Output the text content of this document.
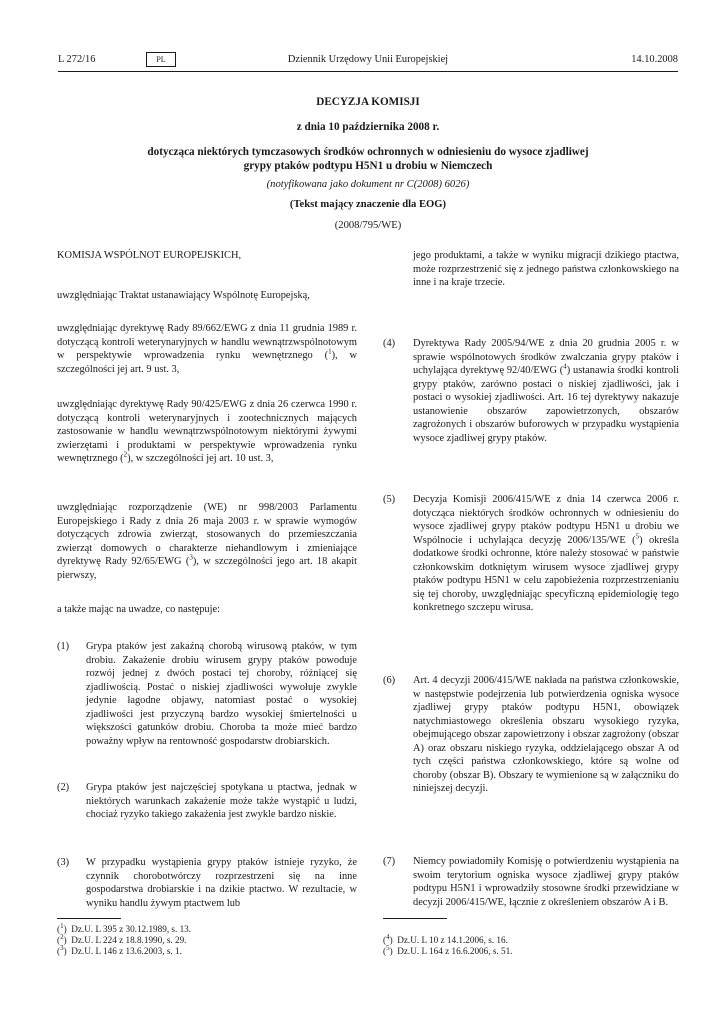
L 272/16	PL	Dziennik Urzędowy Unii Europejskiej	14.10.2008
DECYZJA KOMISJI
z dnia 10 października 2008 r.
dotycząca niektórych tymczasowych środków ochronnych w odniesieniu do wysoce zjadliwej
grypy ptaków podtypu H5N1 u drobiu w Niemczech
(notyfikowana jako dokument nr C(2008) 6026)
(Tekst mający znaczenie dla EOG)
(2008/795/WE)
KOMISJA WSPÓLNOT EUROPEJSKICH,
uwzględniając Traktat ustanawiający Wspólnotę Europejską,
uwzględniając dyrektywę Rady 89/662/EWG z dnia 11 grudnia 1989 r. dotyczącą kontroli weterynaryjnych w handlu wewnątrzwspólnotowym w perspektywie wprowadzenia rynku wewnętrznego ($^1$), w szczególności jej art. 9 ust. 3,
uwzględniając dyrektywę Rady 90/425/EWG z dnia 26 czerwca 1990 r. dotyczącą kontroli weterynaryjnych i zootechnicznych mających zastosowanie w handlu wewnątrzwspólnotowym niektórymi żywymi zwierzętami i produktami w perspektywie wprowadzenia rynku wewnętrznego ($^2$), w szczególności jej art. 10 ust. 3,
uwzględniając rozporządzenie (WE) nr 998/2003 Parlamentu Europejskiego i Rady z dnia 26 maja 2003 r. w sprawie wymogów dotyczących zdrowia zwierząt, stosowanych do przemieszczania zwierząt domowych o charakterze niehandlowym i zmieniające dyrektywę Rady 92/65/EWG ($^3$), w szczególności jego art. 18 akapit pierwszy,
a także mając na uwadze, co następuje:
(1) Grypa ptaków jest zakaźną chorobą wirusową ptaków, w tym drobiu. Zakażenie drobiu wirusem grypy ptaków powoduje rozwój jednej z dwóch postaci tej choroby, różniącej się zjadliwością. Postać o niskiej zjadliwości wywołuje zwykle jedynie łagodne objawy, natomiast postać o wysokiej zjadliwości jest przyczyną bardzo wysokiej śmiertelności u większości gatunków drobiu. Choroba ta może mieć bardzo poważny wpływ na rentowność gospodarstw drobiarskich.
(2) Grypa ptaków jest najczęściej spotykana u ptactwa, jednak w niektórych warunkach zakażenie może także wystąpić u ludzi, chociaż ryzyko takiego zakażenia jest zwykle bardzo niskie.
(3) W przypadku wystąpienia grypy ptaków istnieje ryzyko, że czynnik chorobotwórczy rozprzestrzeni się na inne gospodarstwa drobiarskie i na dzikie ptactwo. W rezultacie, w wyniku handlu żywym ptactwem lub
jego produktami, a także w wyniku migracji dzikiego ptactwa, może rozprzestrzenić się z jednego państwa członkowskiego na inne i na kraje trzecie.
(4) Dyrektywa Rady 2005/94/WE z dnia 20 grudnia 2005 r. w sprawie wspólnotowych środków zwalczania grypy ptaków i uchylająca dyrektywę 92/40/EWG ($^4$) ustanawia środki kontroli grypy ptaków, zarówno postaci o niskiej zjadliwości, jak i postaci o wysokiej zjadliwości. Art. 16 tej dyrektywy nakazuje ustanowienie obszarów zapowietrzonych, obszarów zagrożonych i obszarów buforowych w przypadku wystąpienia wysoce zjadliwej grypy ptaków.
(5) Decyzja Komisji 2006/415/WE z dnia 14 czerwca 2006 r. dotycząca niektórych środków ochronnych w odniesieniu do wysoce zjadliwej grypy ptaków podtypu H5N1 u drobiu we Wspólnocie i uchylająca decyzję 2006/135/WE ($^5$) określa dodatkowe środki ochronne, które należy stosować w państwie członkowskim dotkniętym wirusem wysoce zjadliwej grypy ptaków podtypu H5N1 w celu zapobieżenia rozprzestrzenianiu się tej choroby, uwzględniając specyficzną epidemiologię tego konkretnego szczepu wirusa.
(6) Art. 4 decyzji 2006/415/WE nakłada na państwa członkowskie, w następstwie podejrzenia lub potwierdzenia ogniska wysoce zjadliwej grypy ptaków podtypu H5N1, obowiązek natychmiastowego określenia obszaru wysokiego ryzyka, obejmującego obszar zapowietrzony i obszar zagrożony (obszar A) oraz obszaru niskiego ryzyka, oddzielającego obszar A od tych części państwa członkowskiego, które są wolne od choroby (obszar B). Obszary te wymienione są w załączniku do niniejszej decyzji.
(7) Niemcy powiadomiły Komisję o potwierdzeniu wystąpienia na swoim terytorium ogniska wysoce zjadliwej grypy ptaków podtypu H5N1 i wprowadziły stosowne środki przewidziane w decyzji 2006/415/WE, łącznie z określeniem obszarów A i B.
($^1$)  Dz.U. L 395 z 30.12.1989, s. 13.
($^2$)  Dz.U. L 224 z 18.8.1990, s. 29.
($^3$)  Dz.U. L 146 z 13.6.2003, s. 1.
($^4$)  Dz.U. L 10 z 14.1.2006, s. 16.
($^5$)  Dz.U. L 164 z 16.6.2006, s. 51.
